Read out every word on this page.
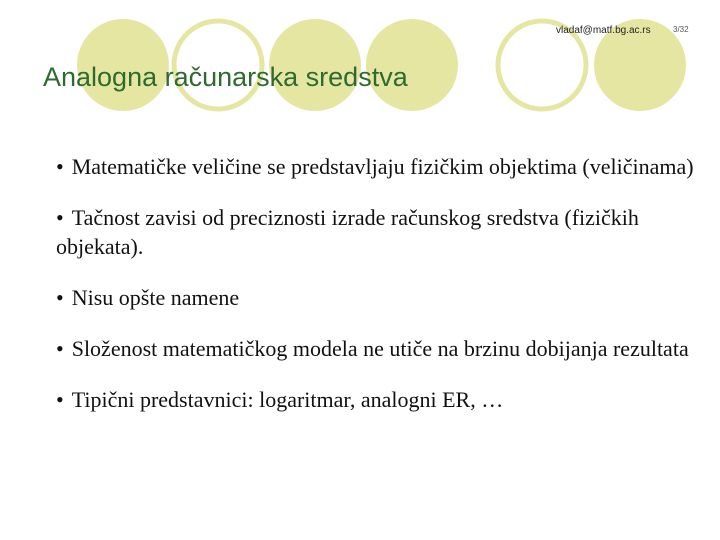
vladaf@matf.bg.ac.rs	3/32
Analogna računarska sredstva
• Matematičke veličine se predstavljaju fizičkim objektima (veličinama)
• Tačnost zavisi od preciznosti izrade računskog sredstva (fizičkih objekata).
• Nisu opšte namene
• Složenost matematičkog modela ne utiče na brzinu dobijanja rezultata
• Tipični predstavnici: logaritmar, analogni ER, …
